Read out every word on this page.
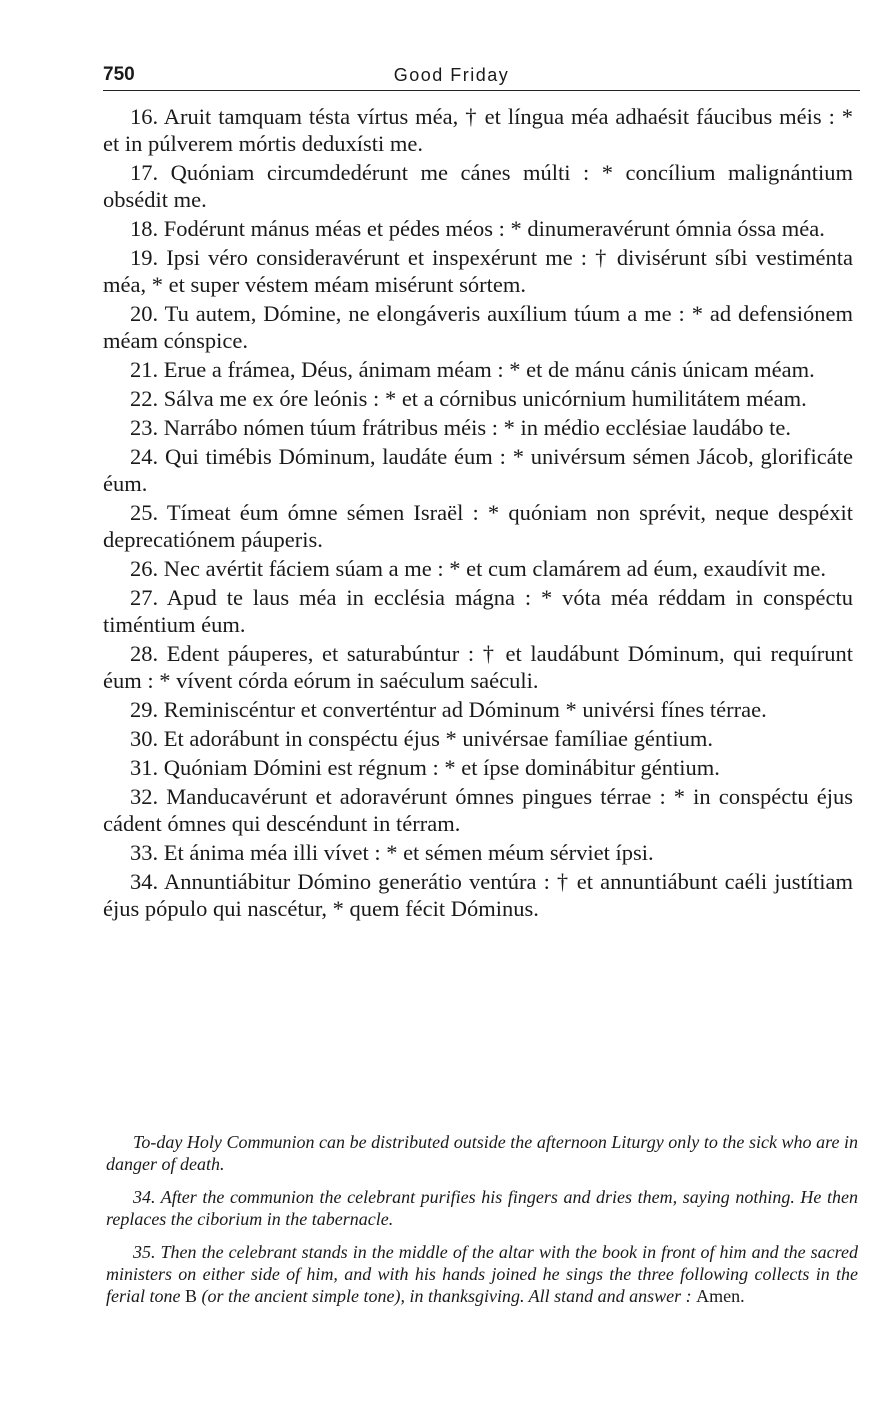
750	Good Friday

16. Aruit tamquam tésta vírtus méa, † et língua méa adhaésit fáucibus méis : * et in púlverem mórtis deduxísti me.

17. Quóniam circumdedérunt me cánes múlti : * concílium malignántium obsédit me.

18. Fodérunt mánus méas et pédes méos : * dinumeravérunt ómnia óssa méa.

19. Ipsi véro consideravérunt et inspexérunt me : † divisérunt síbi vestiménta méa, * et super véstem méam misérunt sórtem.

20. Tu autem, Dómine, ne elongáveris auxílium túum a me : * ad defensiónem méam cónspice.

21. Erue a frámea, Déus, ánimam méam : * et de mánu cánis únicam méam.

22. Sálva me ex óre leónis : * et a córnibus unicórnium humilitátem méam.

23. Narrábo nómen túum frátribus méis : * in médio ecclésiae laudábo te.

24. Qui timébis Dóminum, laudáte éum : * univérsum sémen Jácob, glorificáte éum.

25. Tímeat éum ómne sémen Israël : * quóniam non sprévit, neque despéxit deprecatiónem páuperis.

26. Nec avértit fáciem súam a me : * et cum clamárem ad éum, exaudívit me.

27. Apud te laus méa in ecclésia mágna : * vóta méa réddam in conspéctu timéntium éum.

28. Edent páuperes, et saturabúntur : † et laudábunt Dóminum, qui requírunt éum : * vívent córda eórum in saéculum saéculi.

29. Reminiscéntur et converténtur ad Dóminum * univérsi fínes térrae.

30. Et adorábunt in conspéctu éjus * univérsae famíliae géntium.

31. Quóniam Dómini est régnum : * et ípse dominábitur géntium.

32. Manducavérunt et adoravérunt ómnes pingues térrae : * in conspéctu éjus cádent ómnes qui descéndunt in térram.

33. Et ánima méa illi vívet : * et sémen méum sérviet ípsi.

34. Annuntiábitur Dómino generátio ventúra : † et annuntiábunt caéli justítiam éjus pópulo qui nascétur, * quem fécit Dóminus.

To-day Holy Communion can be distributed outside the afternoon Liturgy only to the sick who are in danger of death.

34. After the communion the celebrant purifies his fingers and dries them, saying nothing. He then replaces the ciborium in the tabernacle.

35. Then the celebrant stands in the middle of the altar with the book in front of him and the sacred ministers on either side of him, and with his hands joined he sings the three following collects in the ferial tone B (or the ancient simple tone), in thanksgiving. All stand and answer : Amen.
